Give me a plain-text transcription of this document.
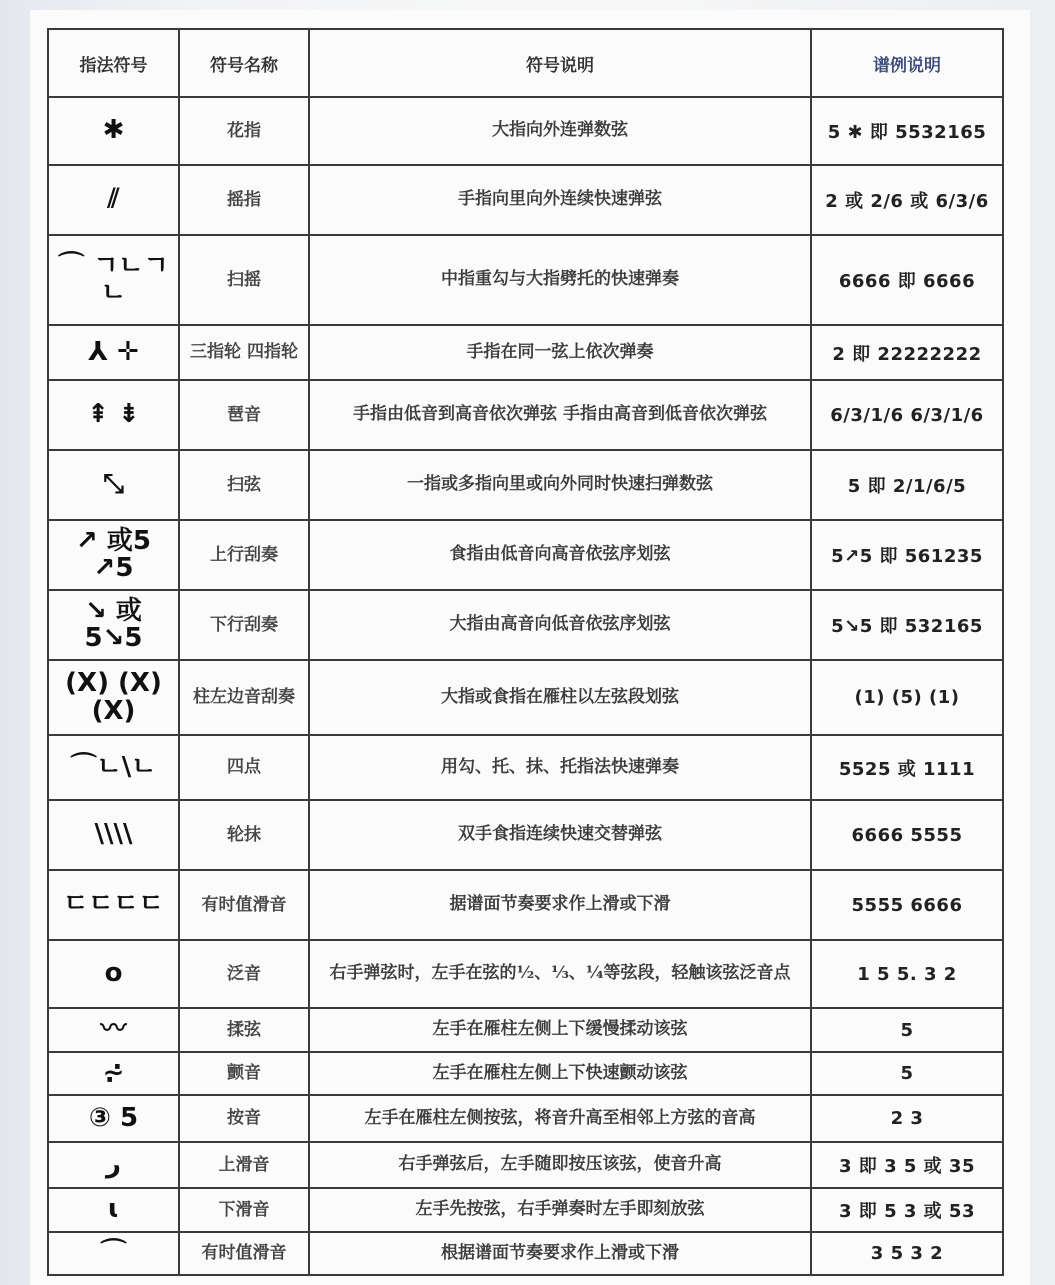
指法符号	符号名称	符号说明	谱例说明
✱	花指	大指向外连弹数弦	5 ✱ 即 5532165
⫽	摇指	手指向里向外连续快速弹弦	2 或 2/6 或 6/3/6
⌒ ㄱㄴㄱㄴ	扫摇	中指重勾与大指劈托的快速弹奏	6666 即 6666
⅄ ✛	三指轮 四指轮	手指在同一弦上依次弹奏	2 即 22222222
⇞ ⇟	琶音	手指由低音到高音依次弹弦 手指由高音到低音依次弹弦	6/3/1/6 6/3/1/6
⤡	扫弦	一指或多指向里或向外同时快速扫弹数弦	5 即 2/1/6/5
↗ 或5 ↗5	上行刮奏	食指由低音向高音依弦序划弦	5↗5 即 561235
↘ 或 5↘5	下行刮奏	大指由高音向低音依弦序划弦	5↘5 即 532165
(X) (X) (X)	柱左边音刮奏	大指或食指在雁柱以左弦段划弦	(1) (5) (1)
⌒ㄴ\ㄴ	四点	用勾、托、抹、托指法快速弹奏	5525 或 1111
\\\\	轮抹	双手食指连续快速交替弹弦	6666 5555
ㄷㄷㄷㄷ	有时值滑音	据谱面节奏要求作上滑或下滑	5555 6666
o	泛音	右手弹弦时，左手在弦的½、⅓、¼等弦段，轻触该弦泛音点	1 5 5. 3 2
〰	揉弦	左手在雁柱左侧上下缓慢揉动该弦	5
⩫	颤音	左手在雁柱左侧上下快速颤动该弦	5
③ 5	按音	左手在雁柱左侧按弦，将音升高至相邻上方弦的音高	2 3
ر	上滑音	右手弹弦后，左手随即按压该弦，使音升高	3 即 3 5 或 35
ɩ	下滑音	左手先按弦，右手弹奏时左手即刻放弦	3 即 5 3 或 53
⌒	有时值滑音	根据谱面节奏要求作上滑或下滑	3 5 3 2
